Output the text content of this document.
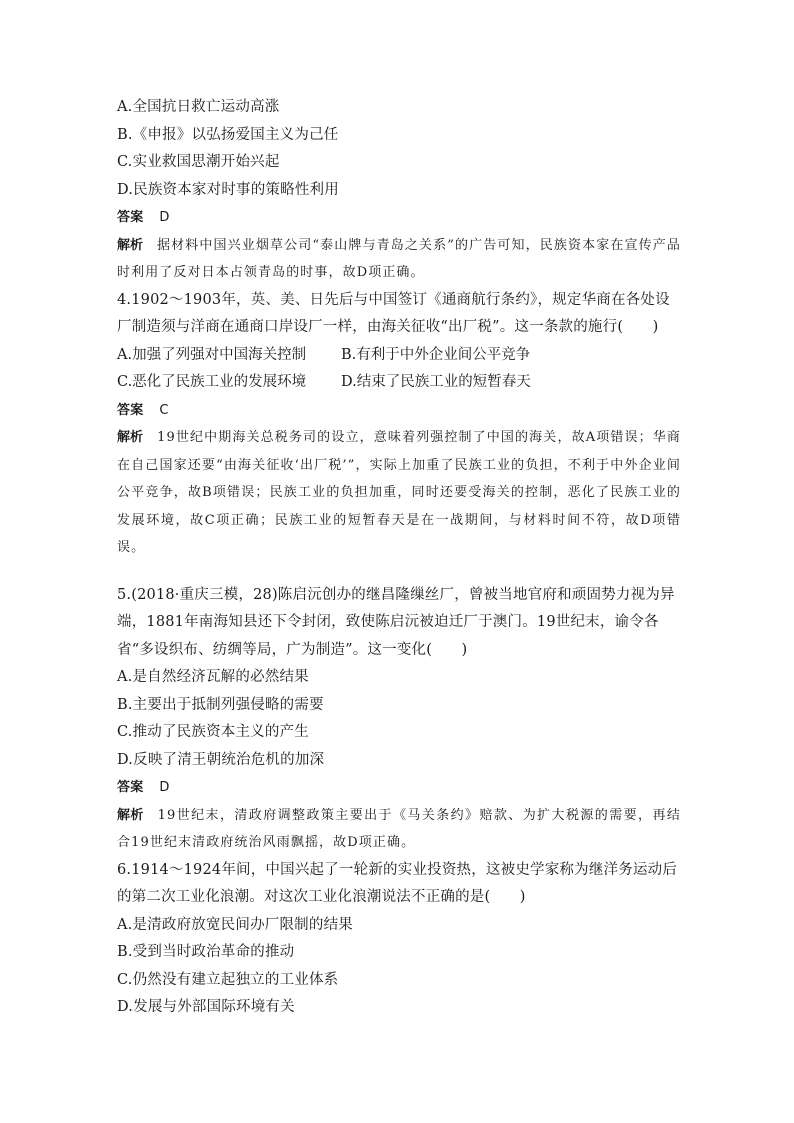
A.全国抗日救亡运动高涨
B.《申报》以弘扬爱国主义为己任
C.实业救国思潮开始兴起
D.民族资本家对时事的策略性利用
答案 D
解析 据材料中国兴业烟草公司“泰山牌与青岛之关系”的广告可知，民族资本家在宣传产品时利用了反对日本占领青岛的时事，故D项正确。
4.1902～1903年，英、美、日先后与中国签订《通商航行条约》，规定华商在各处设厂制造须与洋商在通商口岸设厂一样，由海关征收“出厂税”。这一条款的施行(　　)
A.加强了列强对中国海关控制	B.有利于中外企业间公平竞争
C.恶化了民族工业的发展环境	D.结束了民族工业的短暂春天
答案 C
解析 19世纪中期海关总税务司的设立，意味着列强控制了中国的海关，故A项错误；华商在自己国家还要“由海关征收‘出厂税’”，实际上加重了民族工业的负担，不利于中外企业间公平竞争，故B项错误；民族工业的负担加重，同时还要受海关的控制，恶化了民族工业的发展环境，故C项正确；民族工业的短暂春天是在一战期间，与材料时间不符，故D项错误。
5.(2018·重庆三模，28)陈启沅创办的继昌隆缫丝厂，曾被当地官府和顽固势力视为异端，1881年南海知县还下令封闭，致使陈启沅被迫迁厂于澳门。19世纪末，谕令各省“多设织布、纺绸等局，广为制造”。这一变化(　　)
A.是自然经济瓦解的必然结果
B.主要出于抵制列强侵略的需要
C.推动了民族资本主义的产生
D.反映了清王朝统治危机的加深
答案 D
解析 19世纪末，清政府调整政策主要出于《马关条约》赔款、为扩大税源的需要，再结合19世纪末清政府统治风雨飘摇，故D项正确。
6.1914～1924年间，中国兴起了一轮新的实业投资热，这被史学家称为继洋务运动后的第二次工业化浪潮。对这次工业化浪潮说法不正确的是(　　)
A.是清政府放宽民间办厂限制的结果
B.受到当时政治革命的推动
C.仍然没有建立起独立的工业体系
D.发展与外部国际环境有关
